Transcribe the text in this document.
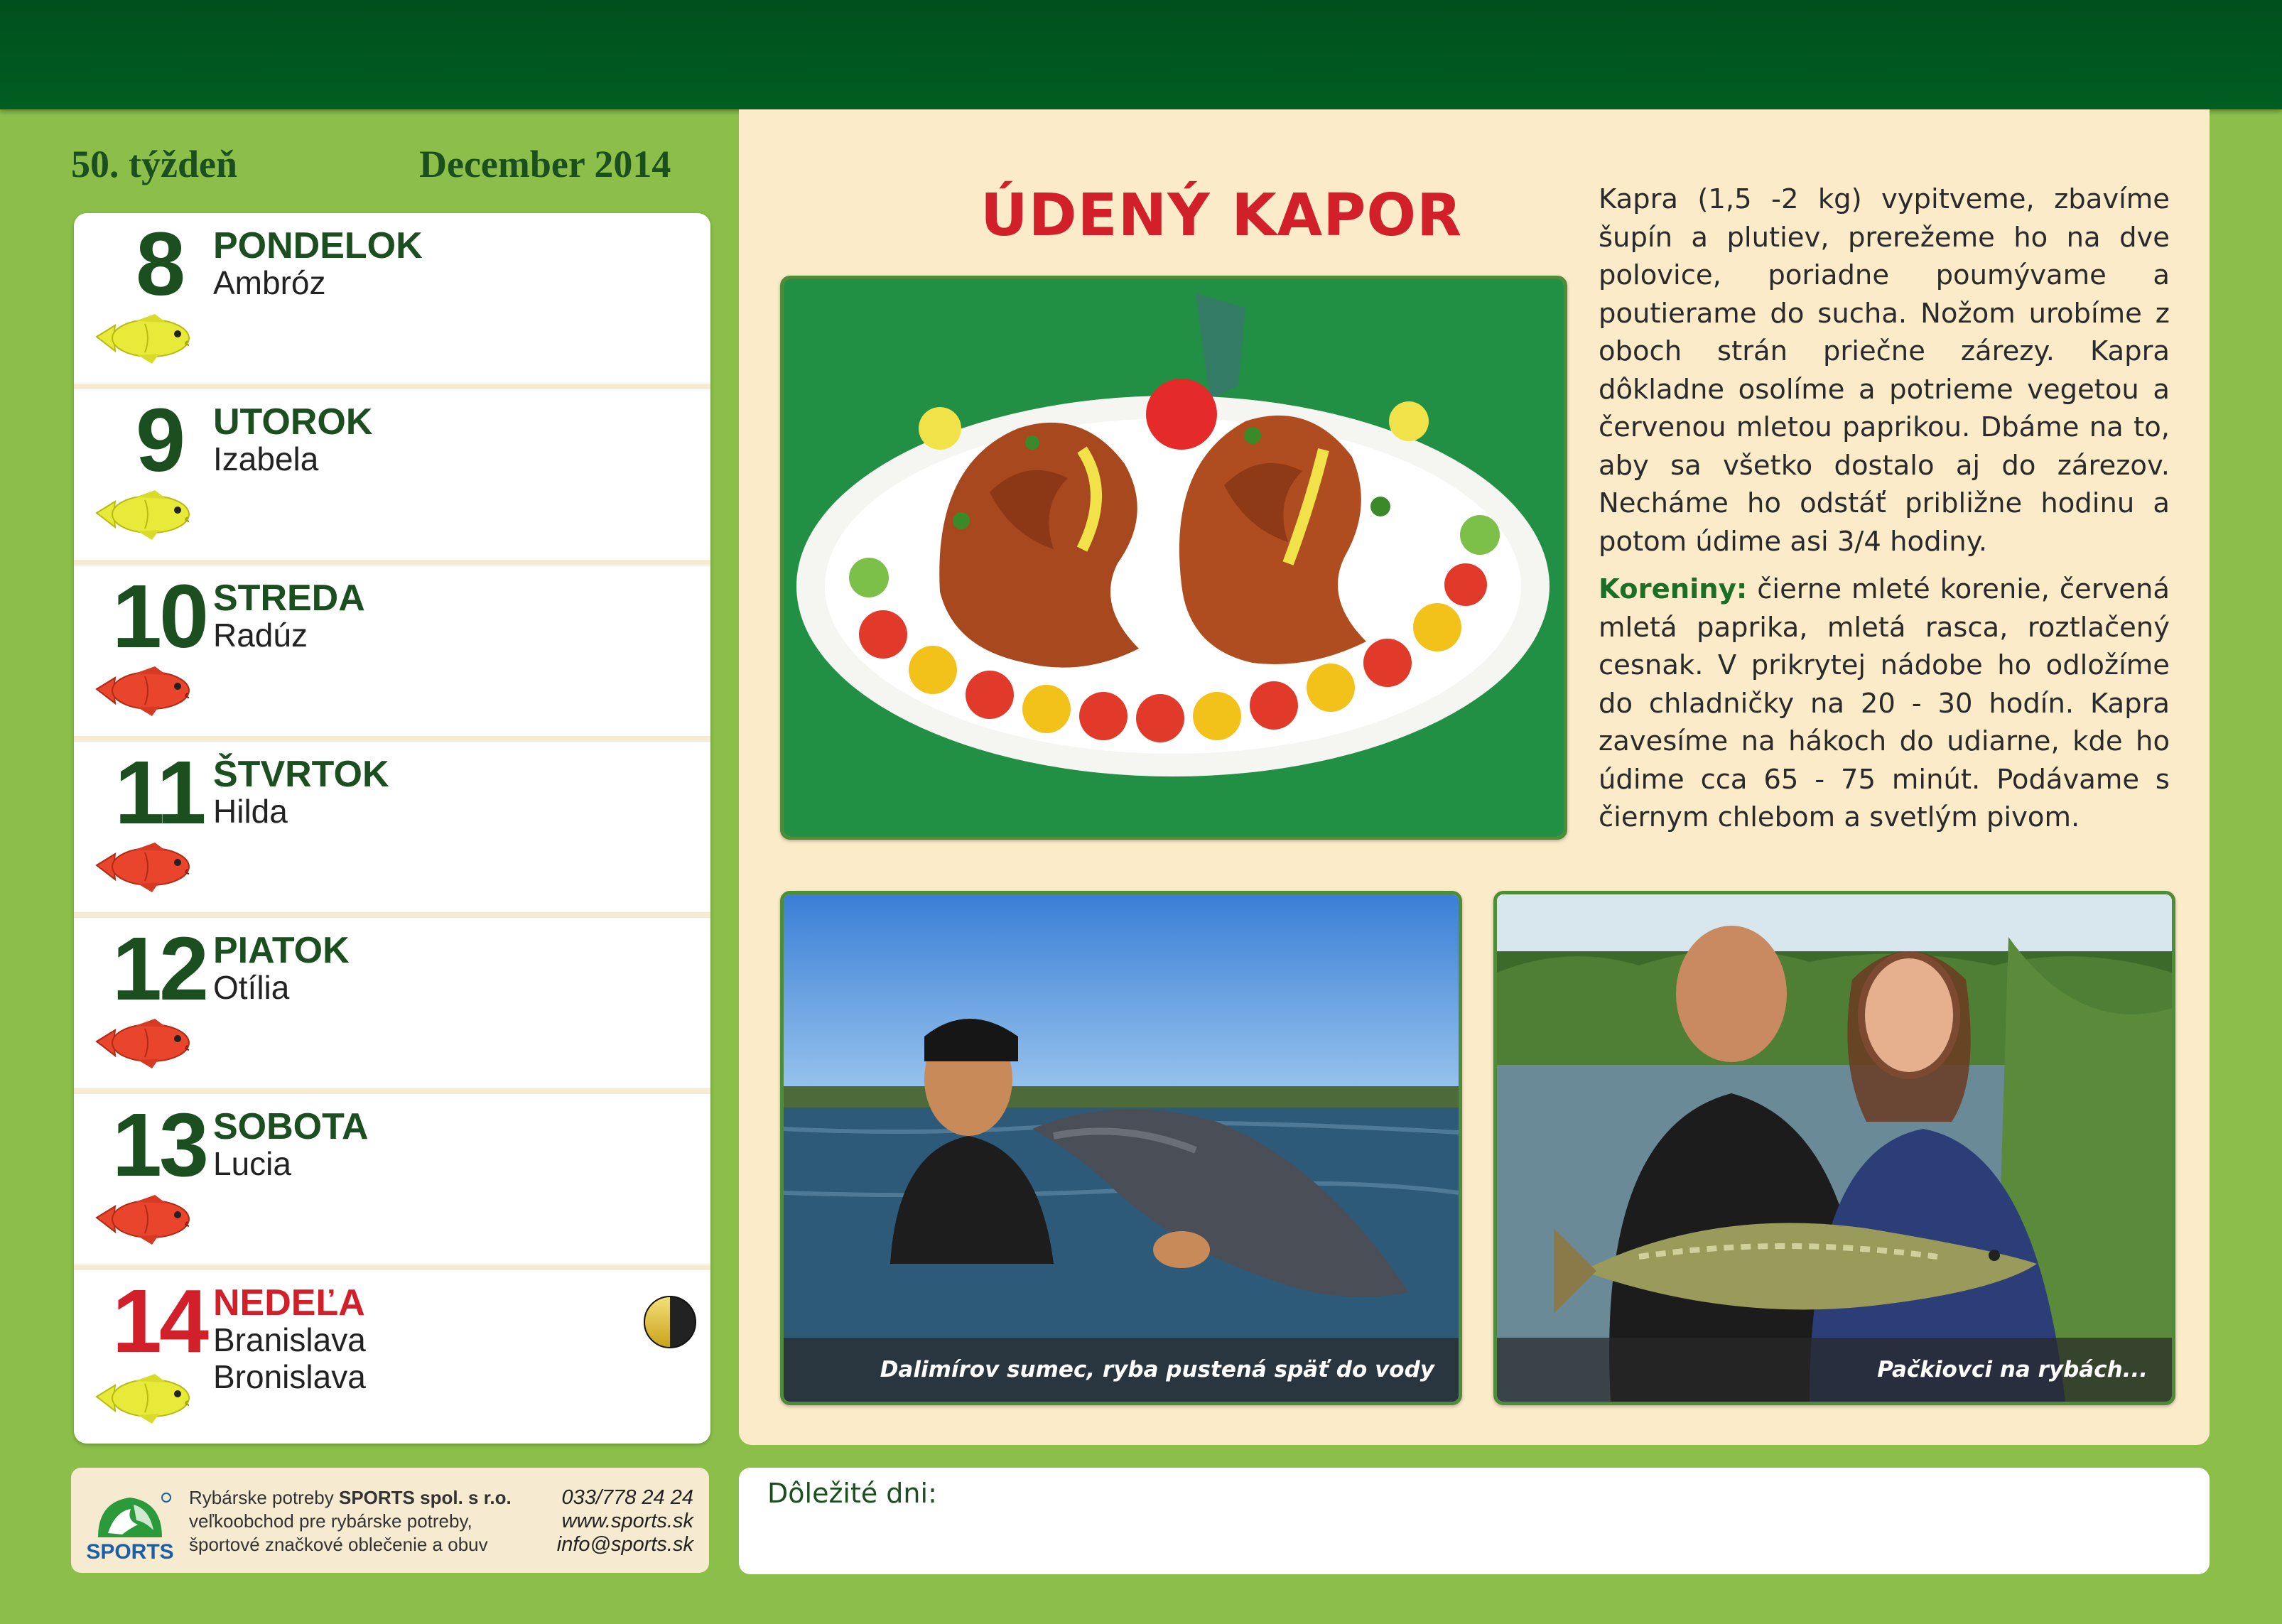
50. týždeň	December 2014
8 PONDELOK
Ambróz
9 UTOROK
Izabela
10 STREDA
Radúz
11 ŠTVRTOK
Hilda
12 PIATOK
Otília
13 SOBOTA
Lucia
14 NEDEĽA
Branislava
Bronislava
SPORTS
Rybárske potreby SPORTS spol. s r.o.
veľkoobchod pre rybárske potreby,
športové značkové oblečenie a obuv
033/778 24 24
www.sports.sk
info@sports.sk
ÚDENÝ KAPOR	Kapra (1,5 -2 kg) vypitveme, zbavíme šupín a plutiev, prerežeme ho na dve polovice, poriadne poumývame a poutierame do sucha. Nožom urobíme z oboch strán priečne zárezy. Kapra dôkladne osolíme a potrieme vegetou a červenou mletou paprikou. Dbáme na to, aby sa všetko dostalo aj do zárezov. Necháme ho odstáť približne hodinu a potom údime asi 3/4 hodiny.

Koreniny: čierne mleté korenie, červená mletá paprika, mletá rasca, roztlačený cesnak. V prikrytej nádobe ho odložíme do chladničky na 20 - 30 hodín. Kapra zavesíme na hákoch do udiarne, kde ho údime cca 65 - 75 minút. Podávame s čiernym chlebom a svetlým pivom.

Dalimírov sumec, ryba pustená späť do vody	Pačkiovci na rybách...
Dôležité dni:
